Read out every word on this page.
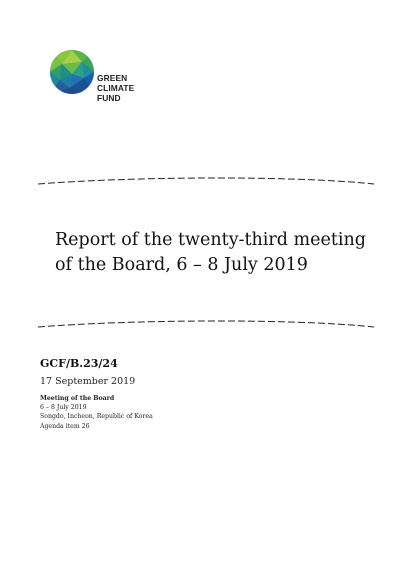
GREEN
CLIMATE
FUND
Report of the twenty-third meeting of the Board, 6 – 8 July 2019
GCF/B.23/24
17 September 2019
Meeting of the Board
6 – 8 July 2019
Songdo, Incheon, Republic of Korea
Agenda item 26
